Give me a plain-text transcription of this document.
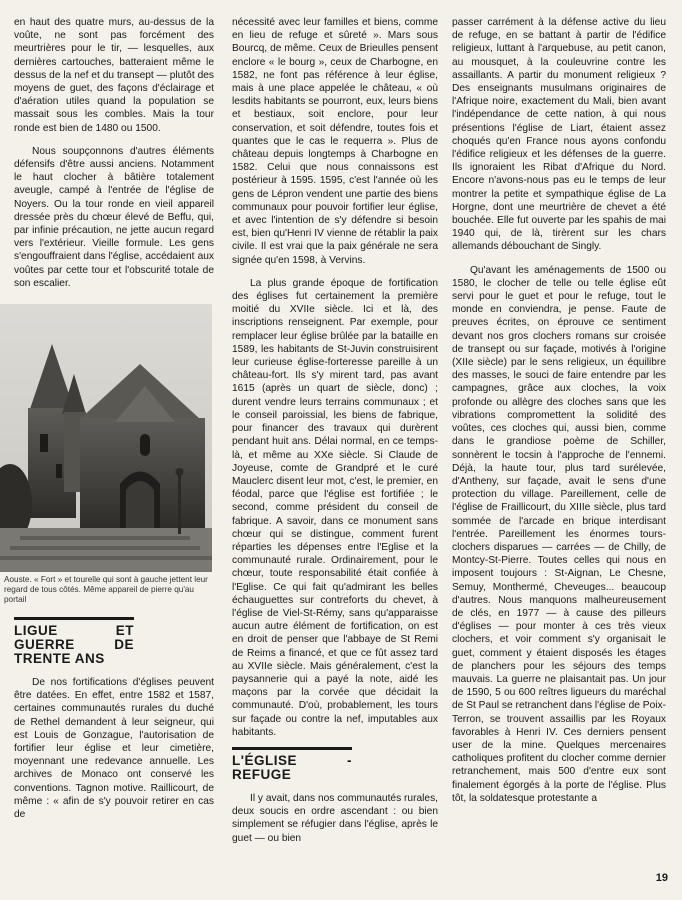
en haut des quatre murs, au-dessus de la voûte, ne sont pas forcément des meurtrières pour le tir, — lesquelles, aux dernières cartouches, batteraient même le dessus de la nef et du transept — plutôt des moyens de guet, des façons d'éclairage et d'aération utiles quand la population se massait sous les combles. Mais la tour ronde est bien de 1480 ou 1500.

Nous soupçonnons d'autres éléments défensifs d'être aussi anciens. Notamment le haut clocher à bâtière totalement aveugle, campé à l'entrée de l'église de Noyers. Ou la tour ronde en vieil appareil dressée près du chœur élevé de Beffu, qui, par infinie précaution, ne jette aucun regard vers l'extérieur. Vieille formule. Les gens s'engouffraient dans l'église, accédaient aux voûtes par cette tour et l'obscurité totale de son escalier.

Aouste. « Fort » et tourelle qui sont à gauche jettent leur regard de tous côtés. Même appareil de pierre qu'au portail
LIGUE ET GUERRE DE TRENTE ANS

De nos fortifications d'églises peuvent être datées. En effet, entre 1582 et 1587, certaines communautés rurales du duché de Rethel demandent à leur seigneur, qui est Louis de Gonzague, l'autorisation de fortifier leur église et leur cimetière, moyennant une redevance annuelle. Les archives de Monaco ont conservé les conventions. Tagnon motive. Raillicourt, de même : « afin de s'y pouvoir retirer en cas de

nécessité avec leur familles et biens, comme en lieu de refuge et sûreté ». Mars sous Bourcq, de même. Ceux de Brieulles pensent enclore « le bourg », ceux de Charbogne, en 1582, ne font pas référence à leur église, mais à une place appelée le château, « où lesdits habitants se pourront, eux, leurs biens et bestiaux, soit enclore, pour leur conservation, et soit défendre, toutes fois et quantes que le cas le requerra ». Plus de château depuis longtemps à Charbogne en 1582. Celui que nous connaissons est postérieur à 1595. 1595, c'est l'année où les gens de Lépron vendent une partie des biens communaux pour pouvoir fortifier leur église, et avec l'intention de s'y défendre si besoin est, bien qu'Henri IV vienne de rétablir la paix civile. Il est vrai que la paix générale ne sera signée qu'en 1598, à Vervins.

La plus grande époque de fortification des églises fut certainement la première moitié du XVIIe siècle. Ici et là, des inscriptions renseignent. Par exemple, pour remplacer leur église brûlée par la bataille en 1589, les habitants de St-Juvin construisirent leur curieuse église-forteresse pareille à un château-fort. Ils s'y mirent tard, pas avant 1615 (après un quart de siècle, donc) ; durent vendre leurs terrains communaux ; et le conseil paroissial, les biens de fabrique, pour financer des travaux qui durèrent pendant huit ans. Délai normal, en ce temps-là, et même au XXe siècle. Si Claude de Joyeuse, comte de Grandpré et le curé Mauclerc disent leur mot, c'est, le premier, en féodal, parce que l'église est fortifiée ; le second, comme président du conseil de fabrique. A savoir, dans ce monument sans chœur qui se distingue, comment furent réparties les dépenses entre l'Eglise et la communauté rurale. Ordinairement, pour le chœur, toute responsabilité était confiée à l'Eglise. Ce qui fait qu'admirant les belles échauguettes sur contreforts du chevet, à l'église de Viel-St-Rémy, sans qu'apparaisse aucun autre élément de fortification, on est en droit de penser que l'abbaye de St Remi de Reims a financé, et que ce fût assez tard au XVIIe siècle. Mais généralement, c'est la paysannerie qui a payé la note, aidé les maçons par la corvée que décidait la communauté. D'où, probablement, les tours sur façade ou contre la nef, imputables aux habitants.

L'ÉGLISE - REFUGE

Il y avait, dans nos communautés rurales, deux soucis en ordre ascendant : ou bien simplement se réfugier dans l'église, après le guet — ou bien

passer carrément à la défense active du lieu de refuge, en se battant à partir de l'édifice religieux, luttant à l'arquebuse, au petit canon, au mousquet, à la couleuvrine contre les assaillants. A partir du monument religieux ? Des enseignants musulmans originaires de l'Afrique noire, exactement du Mali, bien avant l'indépendance de cette nation, à qui nous présentions l'église de Liart, étaient assez choqués qu'en France nous ayons confondu l'édifice religieux et les défenses de la guerre. Ils ignoraient les Ribat d'Afrique du Nord. Encore n'avons-nous pas eu le temps de leur montrer la petite et sympathique église de La Horgne, dont une meurtrière de chevet a été bouchée. Elle fut ouverte par les spahis de mai 1940 qui, de là, tirèrent sur les chars allemands débouchant de Singly.

Qu'avant les aménagements de 1500 ou 1580, le clocher de telle ou telle église eût servi pour le guet et pour le refuge, tout le monde en conviendra, je pense. Faute de preuves écrites, on éprouve ce sentiment devant nos gros clochers romans sur croisée de transept ou sur façade, motivés à l'origine (XIIe siècle) par le sens religieux, un équilibre des masses, le souci de faire entendre par les campagnes, grâce aux cloches, la voix profonde ou allègre des cloches sans que les vibrations compromettent la solidité des voûtes, ces cloches qui, aussi bien, comme dans le grandiose poème de Schiller, sonnèrent le tocsin à l'approche de l'ennemi. Déjà, la haute tour, plus tard surélevée, d'Antheny, sur façade, avait le sens d'une protection du village. Pareillement, celle de l'église de Fraillicourt, du XIIIe siècle, plus tard sommée de l'arcade en brique interdisant l'entrée. Pareillement les énormes tours-clochers disparues — carrées — de Chilly, de Montcy-St-Pierre. Toutes celles qui nous en imposent toujours : St-Aignan, Le Chesne, Semuy, Monthermé, Cheveuges... beaucoup d'autres. Nous manquons malheureusement de clés, en 1977 — à cause des pilleurs d'églises — pour monter à ces très vieux clochers, et voir comment s'y organisait le guet, comment y étaient disposés les étages de planchers pour les séjours des temps mauvais. La guerre ne plaisantait pas. Un jour de 1590, 5 ou 600 reîtres ligueurs du maréchal de St Paul se retranchent dans l'église de Poix-Terron, se trouvent assaillis par les Royaux favorables à Henri IV. Ces derniers pensent user de la mine. Quelques mercenaires catholiques profitent du clocher comme dernier retranchement, mais 500 d'entre eux sont finalement égorgés à la porte de l'église. Plus tôt, la soldatesque protestante a

19
